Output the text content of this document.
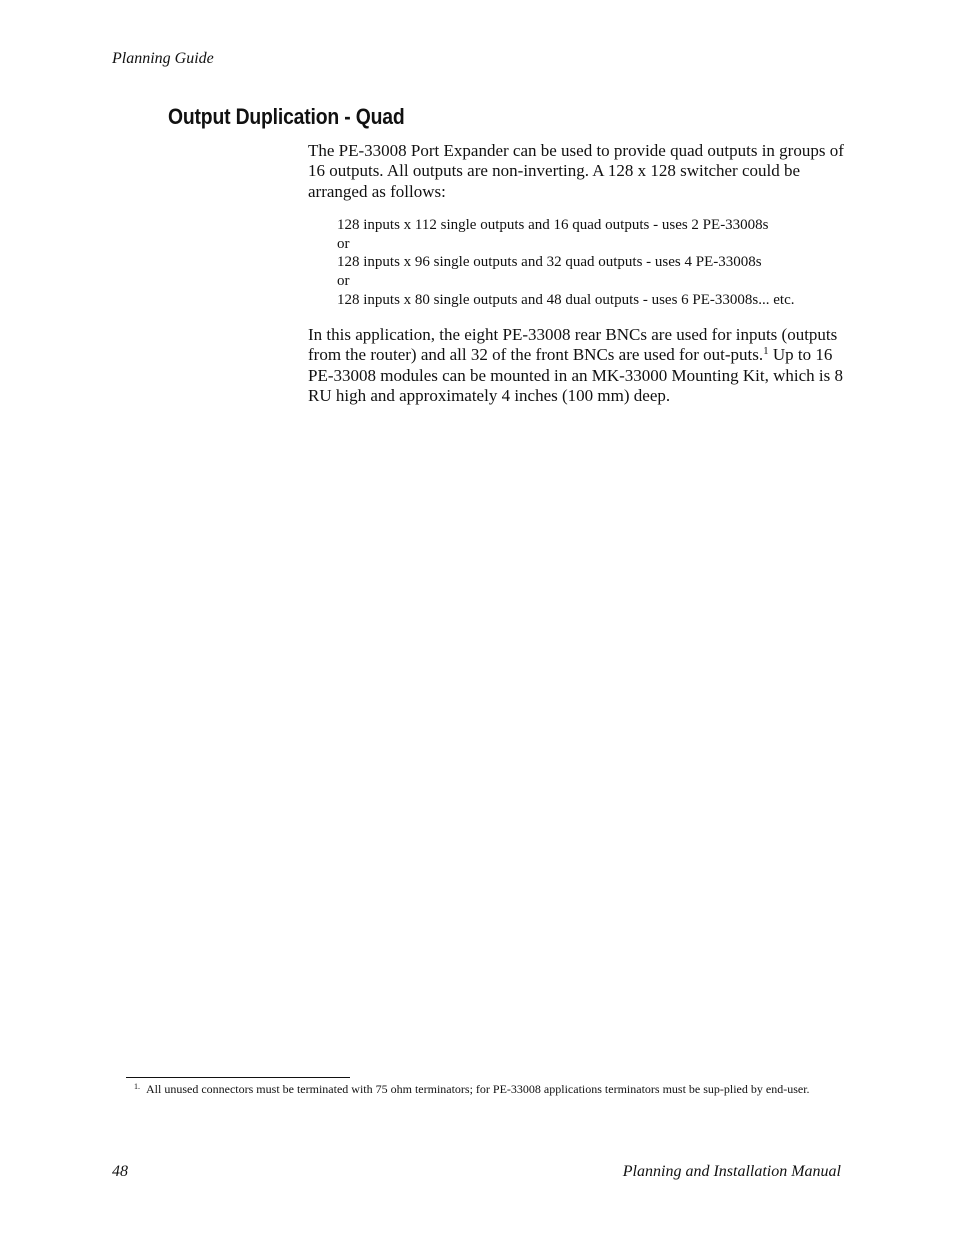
Planning Guide
Output Duplication - Quad

The PE-33008 Port Expander can be used to provide quad outputs in groups of 16 outputs. All outputs are non-inverting. A 128 x 128 switcher could be arranged as follows:

128 inputs x 112 single outputs and 16 quad outputs - uses 2 PE-33008s
or
128 inputs x 96 single outputs and 32 quad outputs - uses 4 PE-33008s
or
128 inputs x 80 single outputs and 48 dual outputs - uses 6 PE-33008s... etc.

In this application, the eight PE-33008 rear BNCs are used for inputs (outputs from the router) and all 32 of the front BNCs are used for out-puts.$^1$ Up to 16 PE-33008 modules can be mounted in an MK-33000 Mounting Kit, which is 8 RU high and approximately 4 inches (100 mm) deep.

$^{1.}$ All unused connectors must be terminated with 75 ohm terminators; for PE-33008 applications terminators must be sup-plied by end-user.
48	Planning and Installation Manual
